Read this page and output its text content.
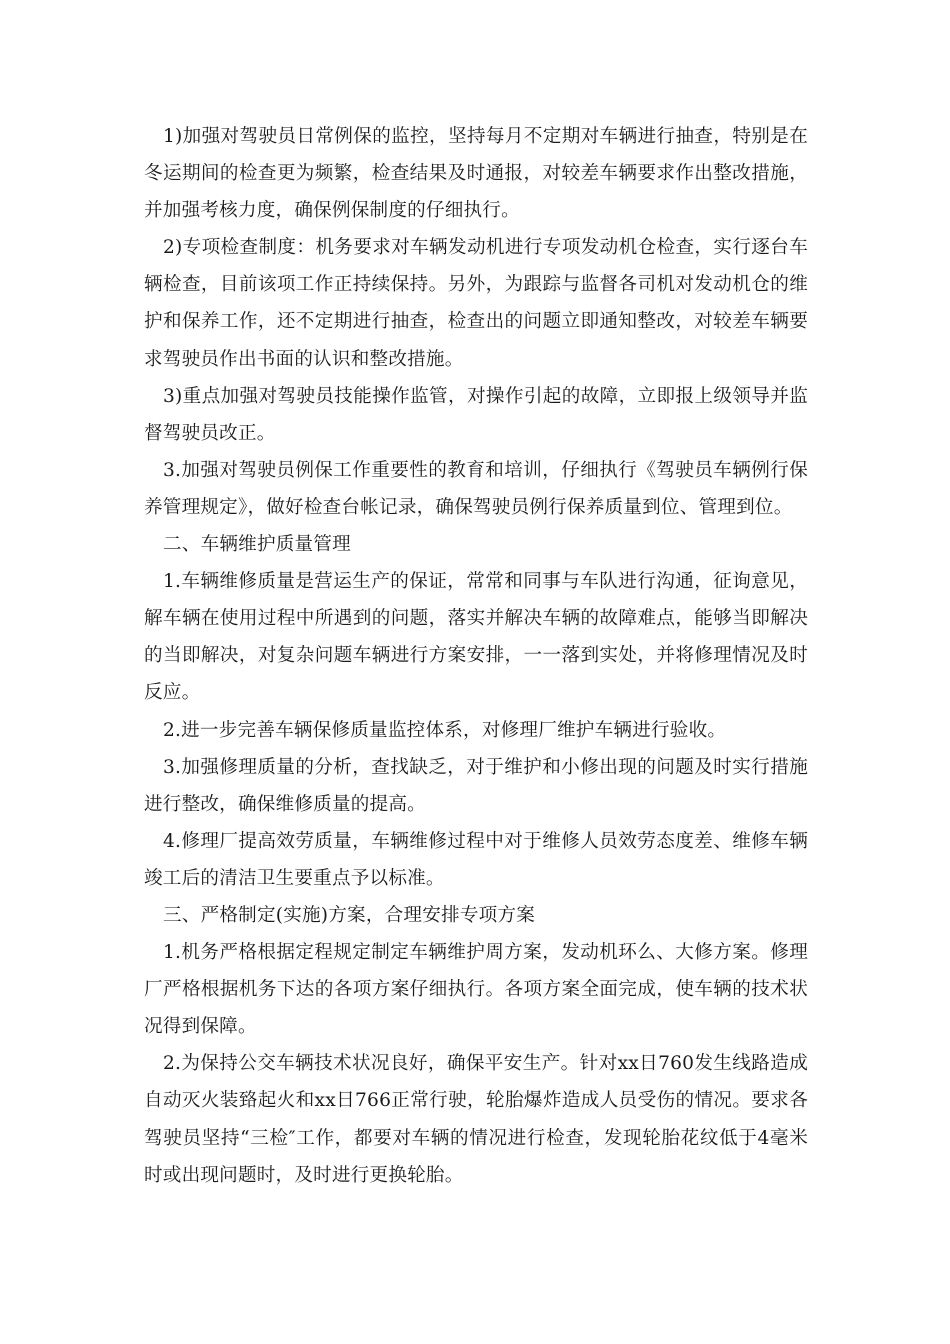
1)加强对驾驶员日常例保的监控，坚持每月不定期对车辆进行抽查，特别是在冬运期间的检查更为频繁，检查结果及时通报，对较差车辆要求作出整改措施，并加强考核力度，确保例保制度的仔细执行。

2)专项检查制度：机务要求对车辆发动机进行专项发动机仓检查，实行逐台车辆检查，目前该项工作正持续保持。另外，为跟踪与监督各司机对发动机仓的维护和保养工作，还不定期进行抽查，检查出的问题立即通知整改，对较差车辆要求驾驶员作出书面的认识和整改措施。

3)重点加强对驾驶员技能操作监管，对操作引起的故障，立即报上级领导并监督驾驶员改正。

3.加强对驾驶员例保工作重要性的教育和培训，仔细执行《驾驶员车辆例行保养管理规定》，做好检查台帐记录，确保驾驶员例行保养质量到位、管理到位。

二、车辆维护质量管理

1.车辆维修质量是营运生产的保证，常常和同事与车队进行沟通，征询意见，解车辆在使用过程中所遇到的问题，落实并解决车辆的故障难点，能够当即解决的当即解决，对复杂问题车辆进行方案安排，一一落到实处，并将修理情况及时反应。

2.进一步完善车辆保修质量监控体系，对修理厂维护车辆进行验收。

3.加强修理质量的分析，查找缺乏，对于维护和小修出现的问题及时实行措施进行整改，确保维修质量的提高。

4.修理厂提高效劳质量，车辆维修过程中对于维修人员效劳态度差、维修车辆竣工后的清洁卫生要重点予以标准。

三、严格制定(实施)方案，合理安排专项方案

1.机务严格根据定程规定制定车辆维护周方案，发动机环么、大修方案。修理厂严格根据机务下达的各项方案仔细执行。各项方案全面完成，使车辆的技术状况得到保障。

2.为保持公交车辆技术状况良好，确保平安生产。针对xx日760发生线路造成自动灭火装臵起火和xx日766正常行驶，轮胎爆炸造成人员受伤的情况。要求各驾驶员坚持“三检″工作，都要对车辆的情况进行检查，发现轮胎花纹低于4毫米时或出现问题时，及时进行更换轮胎。
